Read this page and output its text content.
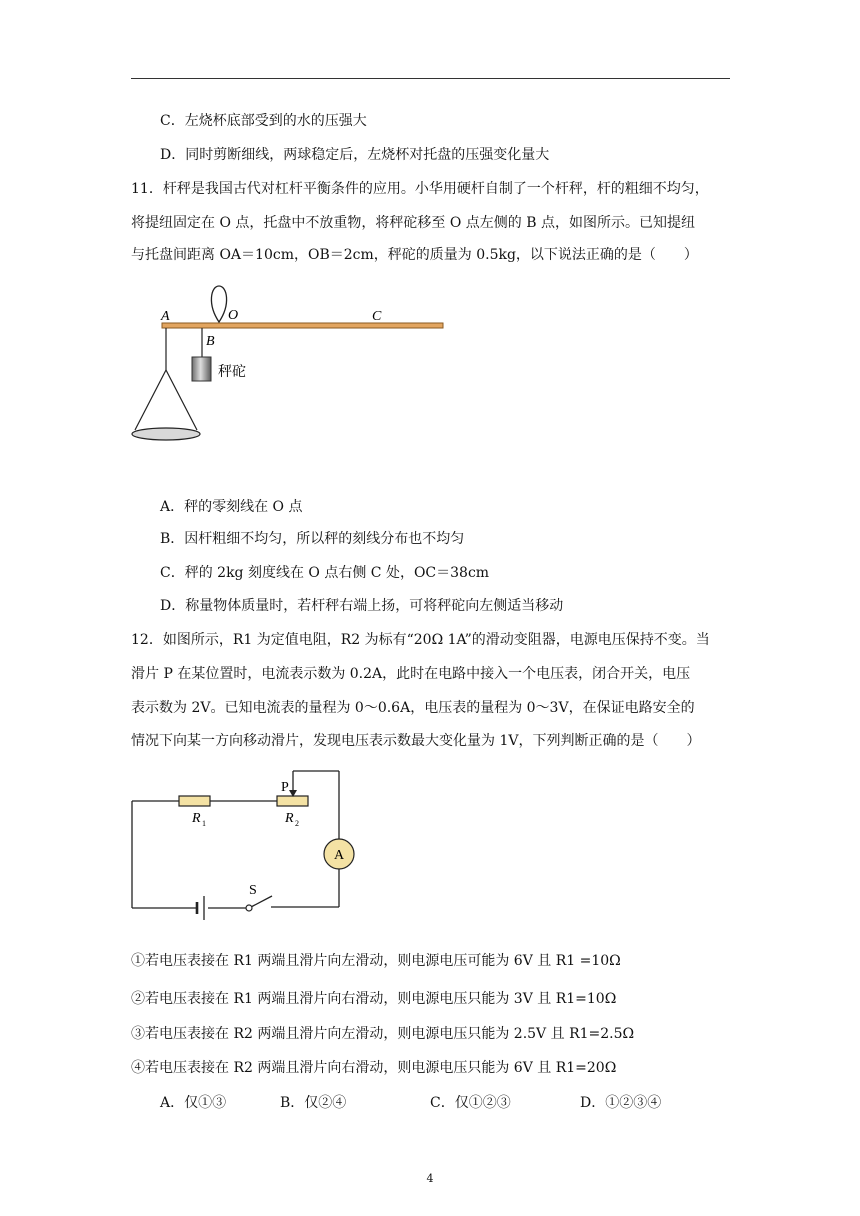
C．左烧杯底部受到的水的压强大
D．同时剪断细线，两球稳定后，左烧杯对托盘的压强变化量大
11．杆秤是我国古代对杠杆平衡条件的应用。小华用硬杆自制了一个杆秤，杆的粗细不均匀，
将提纽固定在 O 点，托盘中不放重物，将秤砣移至 O 点左侧的 B 点，如图所示。已知提纽
与托盘间距离 OA＝10cm，OB＝2cm，秤砣的质量为 0.5kg，以下说法正确的是（　　）
A	O	C
B
秤砣
A．秤的零刻线在 O 点
B．因杆粗细不均匀，所以秤的刻线分布也不均匀
C．秤的 2kg 刻度线在 O 点右侧 C 处，OC＝38cm
D．称量物体质量时，若杆秤右端上扬，可将秤砣向左侧适当移动
12．如图所示，R1 为定值电阻，R2 为标有“20Ω 1A”的滑动变阻器，电源电压保持不变。当
滑片 P 在某位置时，电流表示数为 0.2A，此时在电路中接入一个电压表，闭合开关，电压
表示数为 2V。已知电流表的量程为 0～0.6A，电压表的量程为 0～3V，在保证电路安全的
情况下向某一方向移动滑片，发现电压表示数最大变化量为 1V，下列判断正确的是（　　）
P
R 1	R 2
A
S
①若电压表接在 R1 两端且滑片向左滑动，则电源电压可能为 6V 且 R1 =10Ω
②若电压表接在 R1 两端且滑片向右滑动，则电源电压只能为 3V 且 R1=10Ω
③若电压表接在 R2 两端且滑片向左滑动，则电源电压只能为 2.5V 且 R1=2.5Ω
④若电压表接在 R2 两端且滑片向右滑动，则电源电压只能为 6V 且 R1=20Ω
A．仅①③	B．仅②④	C．仅①②③	D．①②③④
4
